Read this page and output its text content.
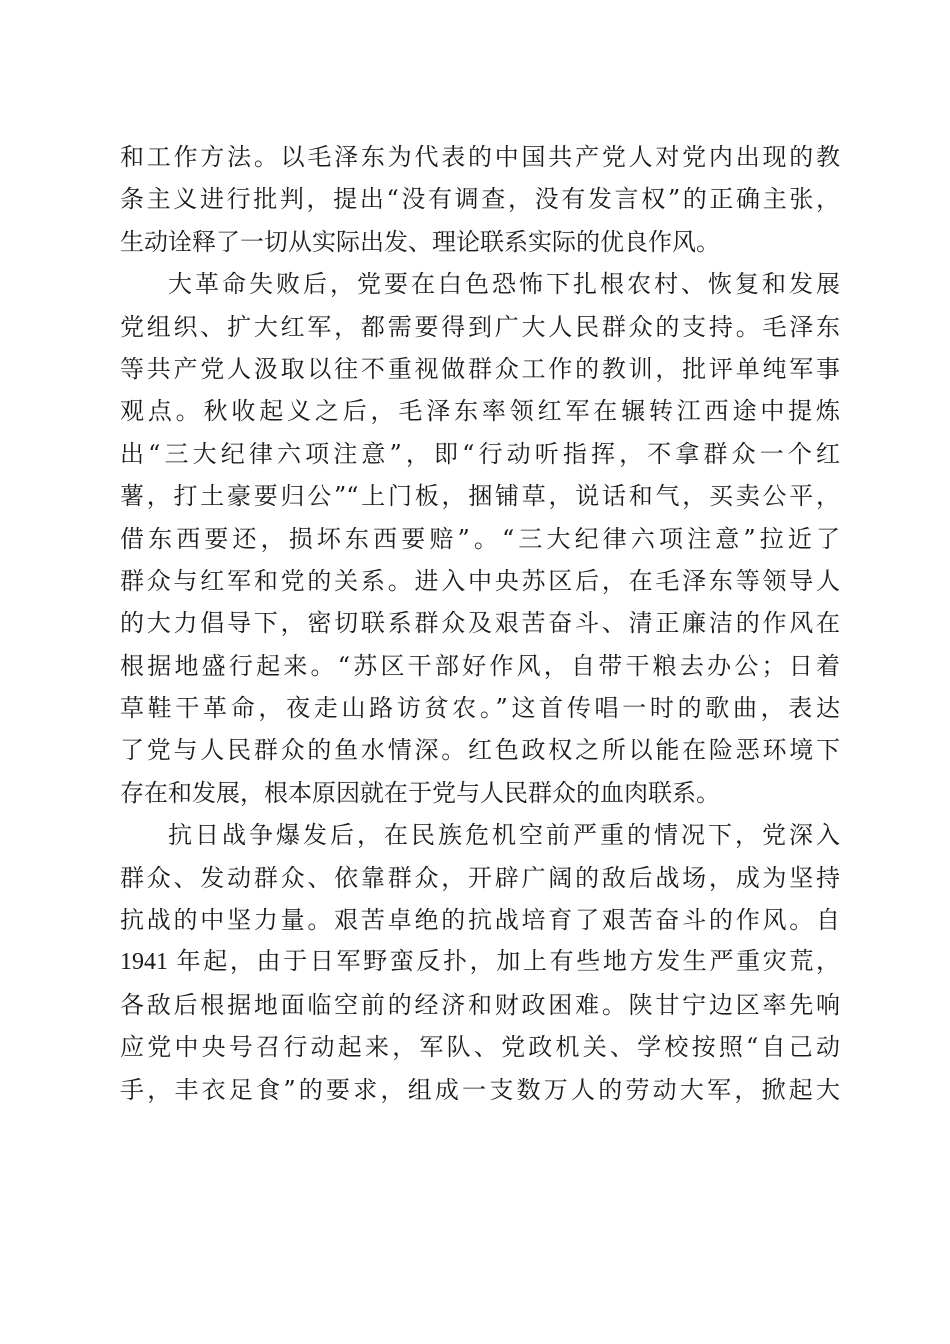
和工作方法。以毛泽东为代表的中国共产党人对党内出现的教
条主义进行批判，提出“没有调查，没有发言权”的正确主张，
生动诠释了一切从实际出发、理论联系实际的优良作风。
大革命失败后，党要在白色恐怖下扎根农村、恢复和发展
党组织、扩大红军，都需要得到广大人民群众的支持。毛泽东
等共产党人汲取以往不重视做群众工作的教训，批评单纯军事
观点。秋收起义之后，毛泽东率领红军在辗转江西途中提炼
出“三大纪律六项注意”，即“行动听指挥，不拿群众一个红
薯，打土豪要归公”“上门板，捆铺草，说话和气，买卖公平，
借东西要还，损坏东西要赔”。“三大纪律六项注意”拉近了
群众与红军和党的关系。进入中央苏区后，在毛泽东等领导人
的大力倡导下，密切联系群众及艰苦奋斗、清正廉洁的作风在
根据地盛行起来。“苏区干部好作风，自带干粮去办公；日着
草鞋干革命，夜走山路访贫农。”这首传唱一时的歌曲，表达
了党与人民群众的鱼水情深。红色政权之所以能在险恶环境下
存在和发展，根本原因就在于党与人民群众的血肉联系。
抗日战争爆发后，在民族危机空前严重的情况下，党深入
群众、发动群众、依靠群众，开辟广阔的敌后战场，成为坚持
抗战的中坚力量。艰苦卓绝的抗战培育了艰苦奋斗的作风。自
1941 年起，由于日军野蛮反扑，加上有些地方发生严重灾荒，
各敌后根据地面临空前的经济和财政困难。陕甘宁边区率先响
应党中央号召行动起来，军队、党政机关、学校按照“自己动
手，丰衣足食”的要求，组成一支数万人的劳动大军，掀起大
